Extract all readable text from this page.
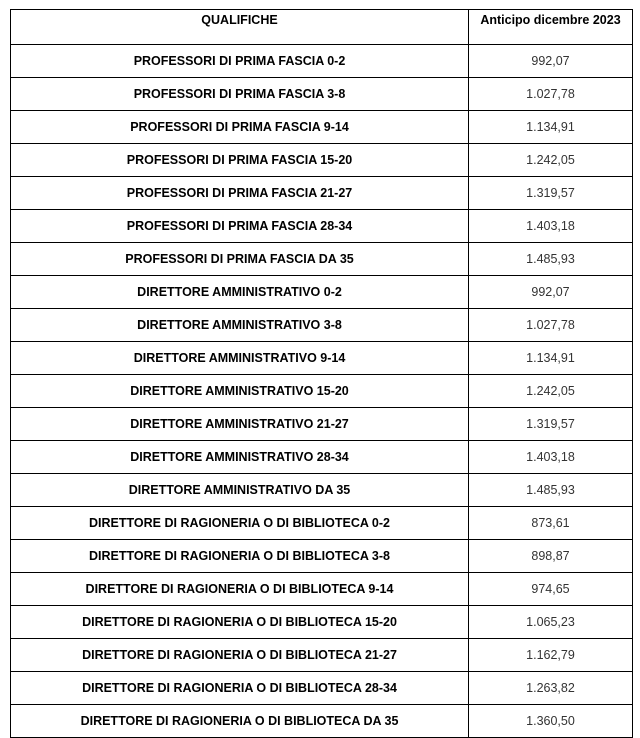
QUALIFICHE	Anticipo dicembre 2023
PROFESSORI DI PRIMA FASCIA 0-2	992,07
PROFESSORI DI PRIMA FASCIA 3-8	1.027,78
PROFESSORI DI PRIMA FASCIA 9-14	1.134,91
PROFESSORI DI PRIMA FASCIA 15-20	1.242,05
PROFESSORI DI PRIMA FASCIA 21-27	1.319,57
PROFESSORI DI PRIMA FASCIA 28-34	1.403,18
PROFESSORI DI PRIMA FASCIA DA 35	1.485,93
DIRETTORE AMMINISTRATIVO 0-2	992,07
DIRETTORE AMMINISTRATIVO 3-8	1.027,78
DIRETTORE AMMINISTRATIVO 9-14	1.134,91
DIRETTORE AMMINISTRATIVO 15-20	1.242,05
DIRETTORE AMMINISTRATIVO 21-27	1.319,57
DIRETTORE AMMINISTRATIVO 28-34	1.403,18
DIRETTORE AMMINISTRATIVO DA 35	1.485,93
DIRETTORE DI RAGIONERIA O DI BIBLIOTECA 0-2	873,61
DIRETTORE DI RAGIONERIA O DI BIBLIOTECA 3-8	898,87
DIRETTORE DI RAGIONERIA O DI BIBLIOTECA 9-14	974,65
DIRETTORE DI RAGIONERIA O DI BIBLIOTECA 15-20	1.065,23
DIRETTORE DI RAGIONERIA O DI BIBLIOTECA 21-27	1.162,79
DIRETTORE DI RAGIONERIA O DI BIBLIOTECA 28-34	1.263,82
DIRETTORE DI RAGIONERIA O DI BIBLIOTECA DA 35	1.360,50
